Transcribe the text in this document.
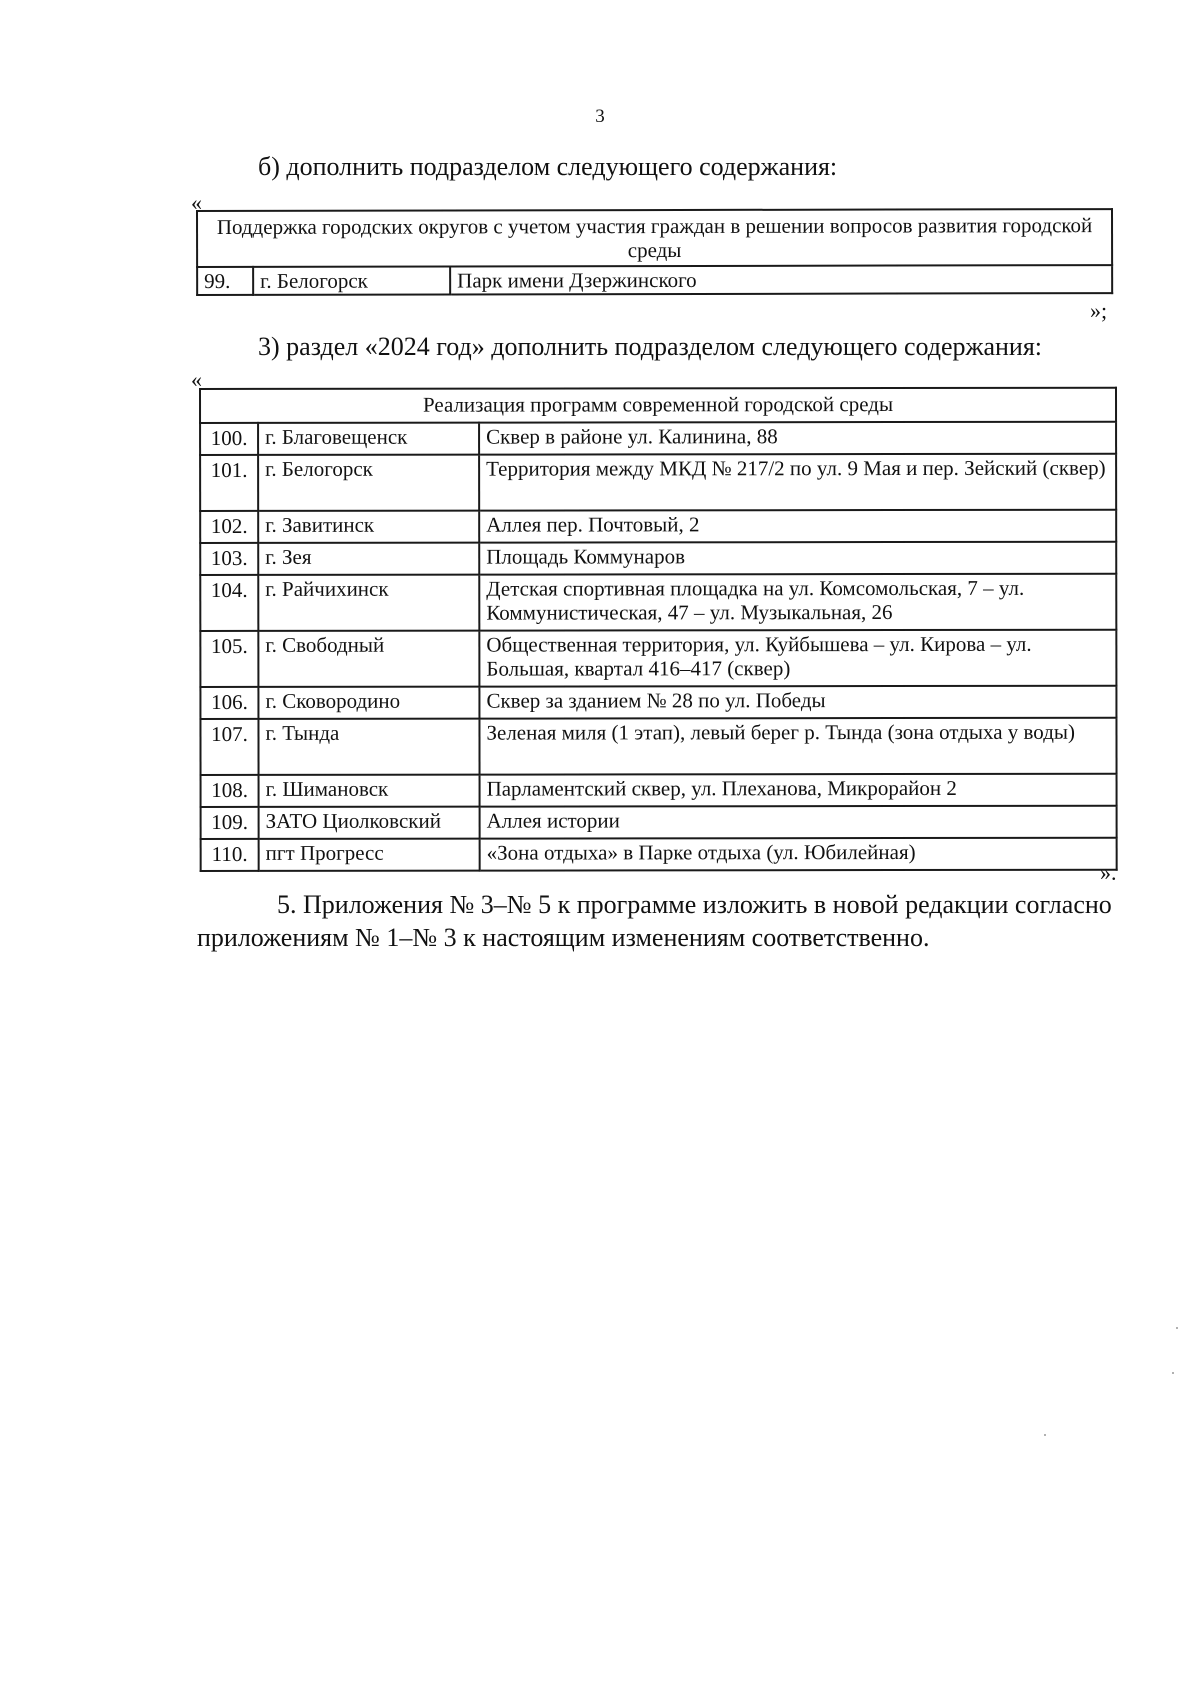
3
б) дополнить подразделом следующего содержания:
«
Поддержка городских округов с учетом участия граждан в решении вопросов развития городской среды
99.	г. Белогорск	Парк имени Дзержинского
»;
3) раздел «2024 год» дополнить подразделом следующего содержания:
«
Реализация программ современной городской среды		
100.	г. Благовещенск	Сквер в районе ул. Калинина, 88
101.	г. Белогорск	Территория между МКД № 217/2 по ул. 9 Мая и пер. Зейский (сквер)
102.	г. Завитинск	Аллея пер. Почтовый, 2
103.	г. Зея	Площадь Коммунаров
104.	г. Райчихинск	Детская спортивная площадка на ул. Комсомольская, 7 – ул. Коммунистическая, 47 – ул. Музыкальная, 26
105.	г. Свободный	Общественная территория, ул. Куйбышева – ул. Кирова – ул. Большая, квартал 416–417 (сквер)
106.	г. Сковородино	Сквер за зданием № 28 по ул. Победы
107.	г. Тында	Зеленая миля (1 этап), левый берег р. Тында (зона отдыха у воды)
108.	г. Шимановск	Парламентский сквер, ул. Плеханова, Микрорайон 2
109.	ЗАТО Циолковский	Аллея истории
110.	пгт Прогресс	«Зона отдыха» в Парке отдыха (ул. Юбилейная)
».
5. Приложения № 3–№ 5 к программе изложить в новой редакции согласно
приложениям № 1–№ 3 к настоящим изменениям соответственно.
